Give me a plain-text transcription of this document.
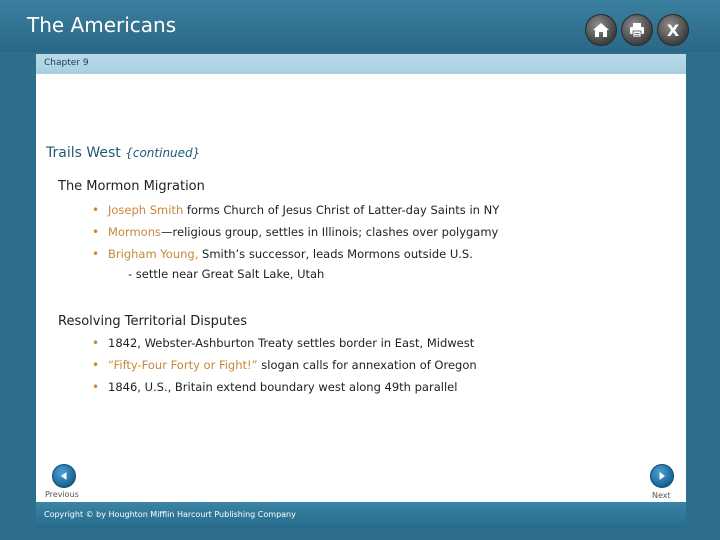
The Americans	X
Chapter 9
Trails West {continued}
The Mormon Migration
• Joseph Smith forms Church of Jesus Christ of Latter-day Saints in NY
• Mormons—religious group, settles in Illinois; clashes over polygamy
• Brigham Young, Smith’s successor, leads Mormons outside U.S.
- settle near Great Salt Lake, Utah
Resolving Territorial Disputes
• 1842, Webster-Ashburton Treaty settles border in East, Midwest
• “Fifty-Four Forty or Fight!” slogan calls for annexation of Oregon
• 1846, U.S., Britain extend boundary west along 49th parallel
Previous	Next
Copyright © by Houghton Mifflin Harcourt Publishing Company
